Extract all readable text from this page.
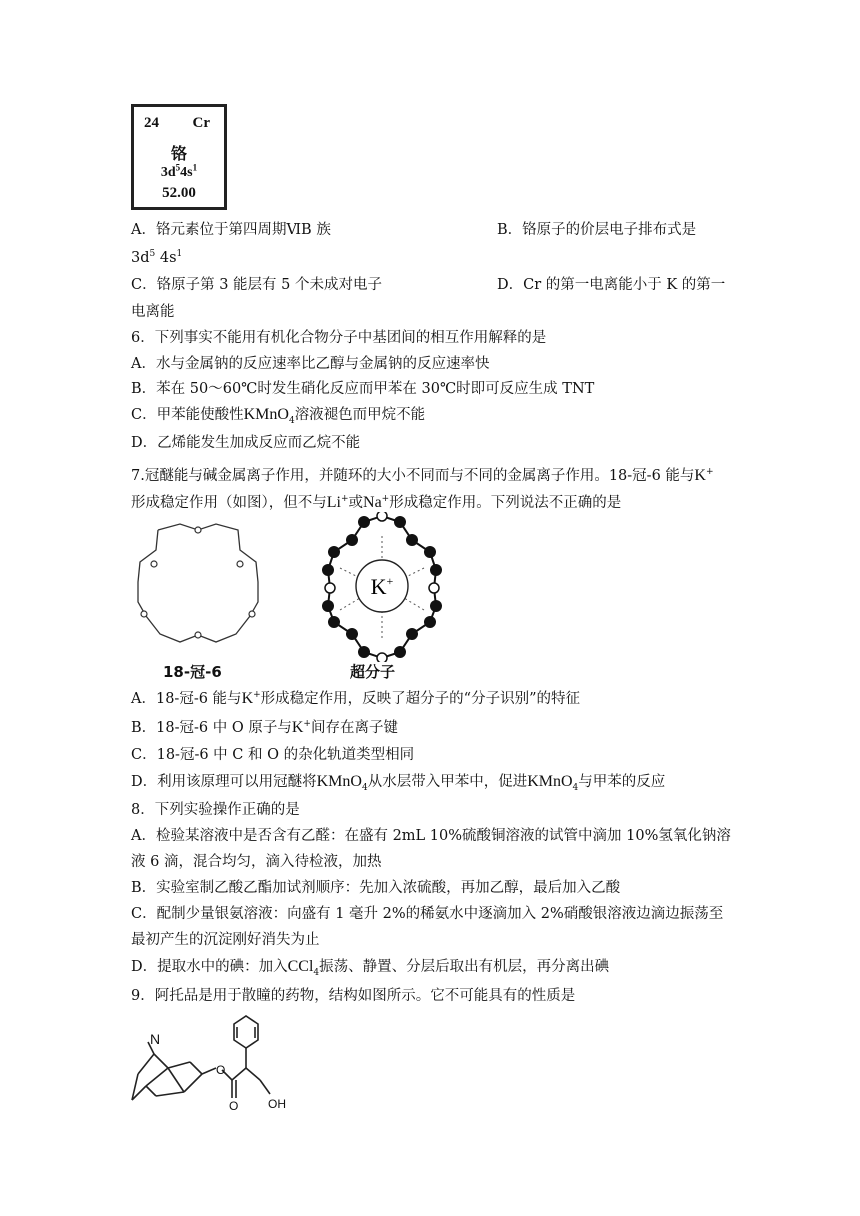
24 Cr
铬
$3d^54s^1$
52.00
A．铬元素位于第四周期ⅥB 族	B．铬原子的价层电子排布式是
$3d^5$ $4s^1$
C．铬原子第 3 能层有 5 个未成对电子	D．Cr 的第一电离能小于 K 的第一
电离能
6．下列事实不能用有机化合物分子中基团间的相互作用解释的是
A．水与金属钠的反应速率比乙醇与金属钠的反应速率快
B．苯在 50～60℃时发生硝化反应而甲苯在 30℃时即可反应生成 TNT
C．甲苯能使酸性KMnO$_4$溶液褪色而甲烷不能
D．乙烯能发生加成反应而乙烷不能
7.冠醚能与碱金属离子作用，并随环的大小不同而与不同的金属离子作用。18-冠-6 能与K+
形成稳定作用（如图），但不与Li+或Na+形成稳定作用。下列说法不正确的是
18-冠-6
K+
超分子
A．18-冠-6 能与K+形成稳定作用，反映了超分子的“分子识别”的特征
B．18-冠-6 中 O 原子与K+间存在离子键
C．18-冠-6 中 C 和 O 的杂化轨道类型相同
D．利用该原理可以用冠醚将KMnO$_4$从水层带入甲苯中，促进KMnO$_4$与甲苯的反应
8．下列实验操作正确的是
A．检验某溶液中是否含有乙醛：在盛有 2mL 10%硫酸铜溶液的试管中滴加 10%氢氧化钠溶
液 6 滴，混合均匀，滴入待检液，加热
B．实验室制乙酸乙酯加试剂顺序：先加入浓硫酸，再加乙醇，最后加入乙酸
C．配制少量银氨溶液：向盛有 1 毫升 2%的稀氨水中逐滴加入 2%硝酸银溶液边滴边振荡至
最初产生的沉淀刚好消失为止
D．提取水中的碘：加入CCl$_4$振荡、静置、分层后取出有机层，再分离出碘
9．阿托品是用于散瞳的药物，结构如图所示。它不可能具有的性质是
N
O
O OH
